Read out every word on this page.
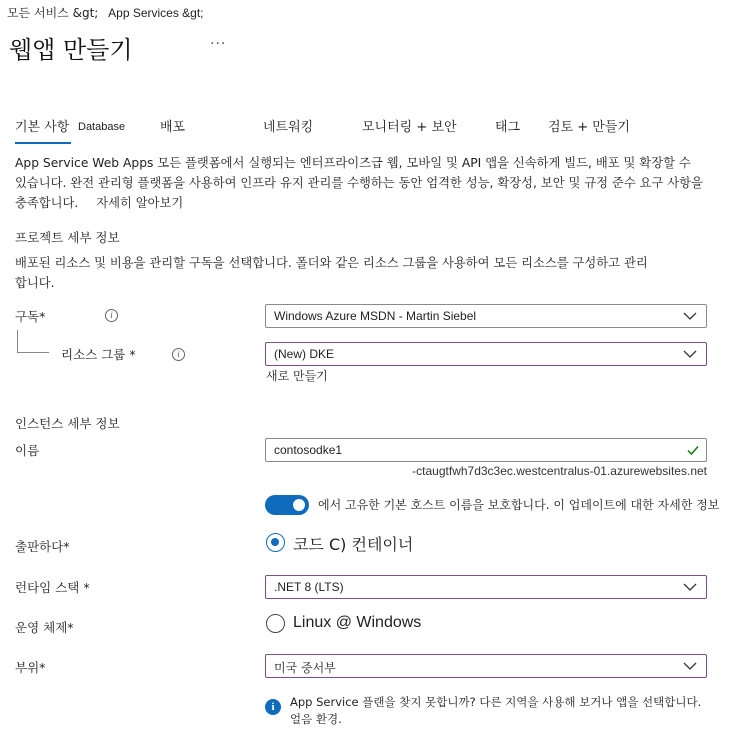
모든 서비스 &gt; App Services &gt;
웹앱 만들기	···
기본 사항 Database	배포	네트워킹	모니터링 + 보안	태그 검토 + 만들기
App Service Web Apps 모든 플랫폼에서 실행되는 엔터프라이즈급 웹, 모바일 및 API 앱을 신속하게 빌드, 배포 및 확장할 수 있습니다. 완전 관리형 플랫폼을 사용하여 인프라 유지 관리를 수행하는 동안 엄격한 성능, 확장성, 보안 및 규정 준수 요구 사항을 충족합니다. 자세히 알아보기
프로젝트 세부 정보
배포된 리소스 및 비용을 관리할 구독을 선택합니다. 폴더와 같은 리소스 그룹을 사용하여 모든 리소스를 구성하고 관리합니다.
구독*	i	Windows Azure MSDN - Martin Siebel
리소스 그룹 *	i	(New) DKE
새로 만들기
인스턴스 세부 정보
이름	contosodke1
-ctaugtfwh7d3c3ec.westcentralus-01.azurewebsites.net
에서 고유한 기본 호스트 이름을 보호합니다. 이 업데이트에 대한 자세한 정보
출판하다*	코드 C) 컨테이너
런타임 스택 *	.NET 8 (LTS)
운영 체제*	Linux @ Windows
부위*	미국 중서부
i	App Service 플랜을 찾지 못합니까? 다른 지역을 사용해 보거나 앱을 선택합니다. 얼음 환경.
